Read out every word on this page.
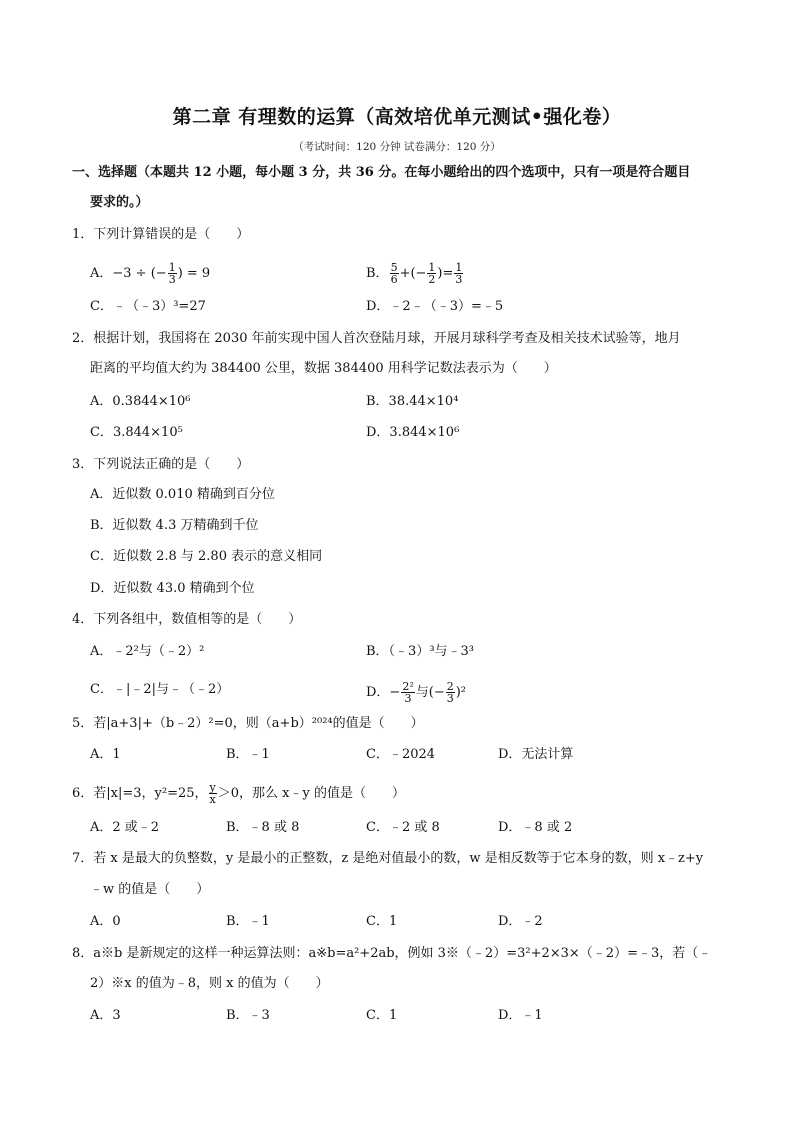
第二章 有理数的运算（高效培优单元测试•强化卷）
（考试时间：120 分钟 试卷满分：120 分）
一、选择题（本题共 12 小题，每小题 3 分，共 36 分。在每小题给出的四个选项中，只有一项是符合题目
要求的。）
1．下列计算错误的是（　　）
A．−3 ÷ (− $\frac{1}{3}$ ) = 9	B． $\frac{5}{6}$ +(− $\frac{1}{2}$ )= $\frac{1}{3}$
C．﹣（﹣3）³=27	D．﹣2﹣（﹣3）=﹣5
2．根据计划，我国将在 2030 年前实现中国人首次登陆月球，开展月球科学考查及相关技术试验等，地月
距离的平均值大约为 384400 公里，数据 384400 用科学记数法表示为（　　）
A．0.3844×10⁶	B．38.44×10⁴
C．3.844×10⁵	D．3.844×10⁶
3．下列说法正确的是（　　）
A．近似数 0.010 精确到百分位
B．近似数 4.3 万精确到千位
C．近似数 2.8 与 2.80 表示的意义相同
D．近似数 43.0 精确到个位
4．下列各组中，数值相等的是（　　）
A．﹣2²与（﹣2）²	B．（﹣3）³与﹣3³
C．﹣|﹣2|与﹣（﹣2）	D．− $\frac{\text{2²}}{3}$ 与(− $\frac{2}{3} )^2$
5．若|a+3|+（b﹣2）²=0，则（a+b）²⁰²⁴的值是（　　）
A．1	B．﹣1	C．﹣2024	D．无法计算
6．若|x|=3，y²=25， $\frac{y}{x} >0$，那么 x﹣y 的值是（　　）
A．2 或﹣2	B．﹣8 或 8	C．﹣2 或 8	D．﹣8 或 2
7．若 x 是最大的负整数，y 是最小的正整数，z 是绝对值最小的数，w 是相反数等于它本身的数，则 x﹣z+y
﹣w 的值是（　　）
A．0	B．﹣1	C．1	D．﹣2
8．a※b 是新规定的这样一种运算法则：a※b=a²+2ab，例如 3※（﹣2）=3²+2×3×（﹣2）=﹣3，若（﹣
2）※x 的值为﹣8，则 x 的值为（　　）
A．3	B．﹣3	C．1	D．﹣1
